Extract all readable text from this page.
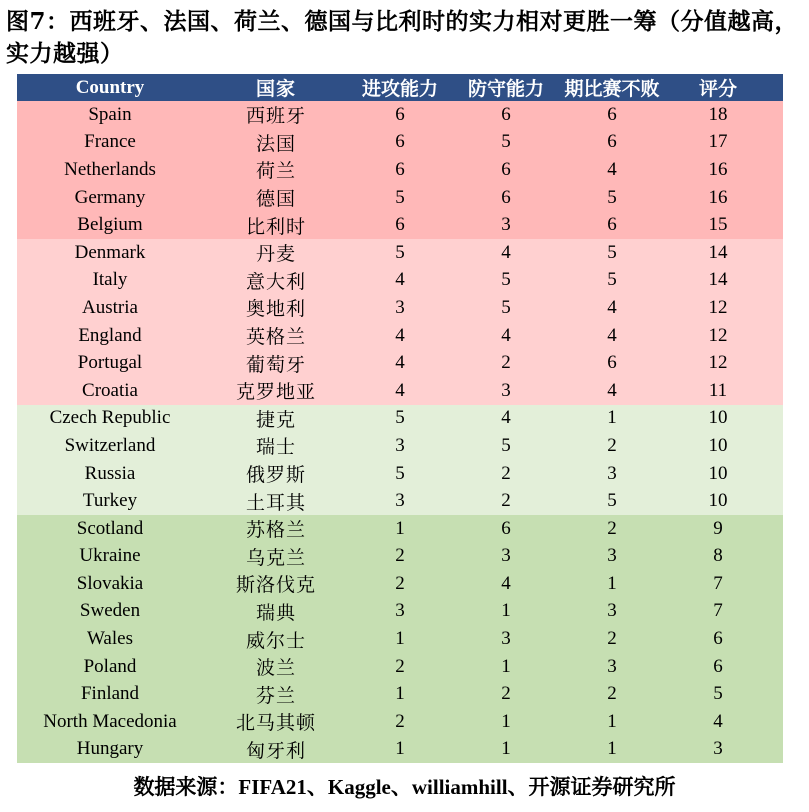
图7：西班牙、法国、荷兰、德国与比利时的实力相对更胜一筹（分值越高，实力越强）
Country	国家	进攻能力	防守能力	期比赛不败	评分
Spain	西班牙	6	6	6	18
France	法国	6	5	6	17
Netherlands	荷兰	6	6	4	16
Germany	德国	5	6	5	16
Belgium	比利时	6	3	6	15
Denmark	丹麦	5	4	5	14
Italy	意大利	4	5	5	14
Austria	奥地利	3	5	4	12
England	英格兰	4	4	4	12
Portugal	葡萄牙	4	2	6	12
Croatia	克罗地亚	4	3	4	11
Czech Republic	捷克	5	4	1	10
Switzerland	瑞士	3	5	2	10
Russia	俄罗斯	5	2	3	10
Turkey	土耳其	3	2	5	10
Scotland	苏格兰	1	6	2	9
Ukraine	乌克兰	2	3	3	8
Slovakia	斯洛伐克	2	4	1	7
Sweden	瑞典	3	1	3	7
Wales	威尔士	1	3	2	6
Poland	波兰	2	1	3	6
Finland	芬兰	1	2	2	5
North Macedonia	北马其顿	2	1	1	4
Hungary	匈牙利	1	1	1	3
数据来源：FIFA21、Kaggle、williamhill、开源证券研究所
